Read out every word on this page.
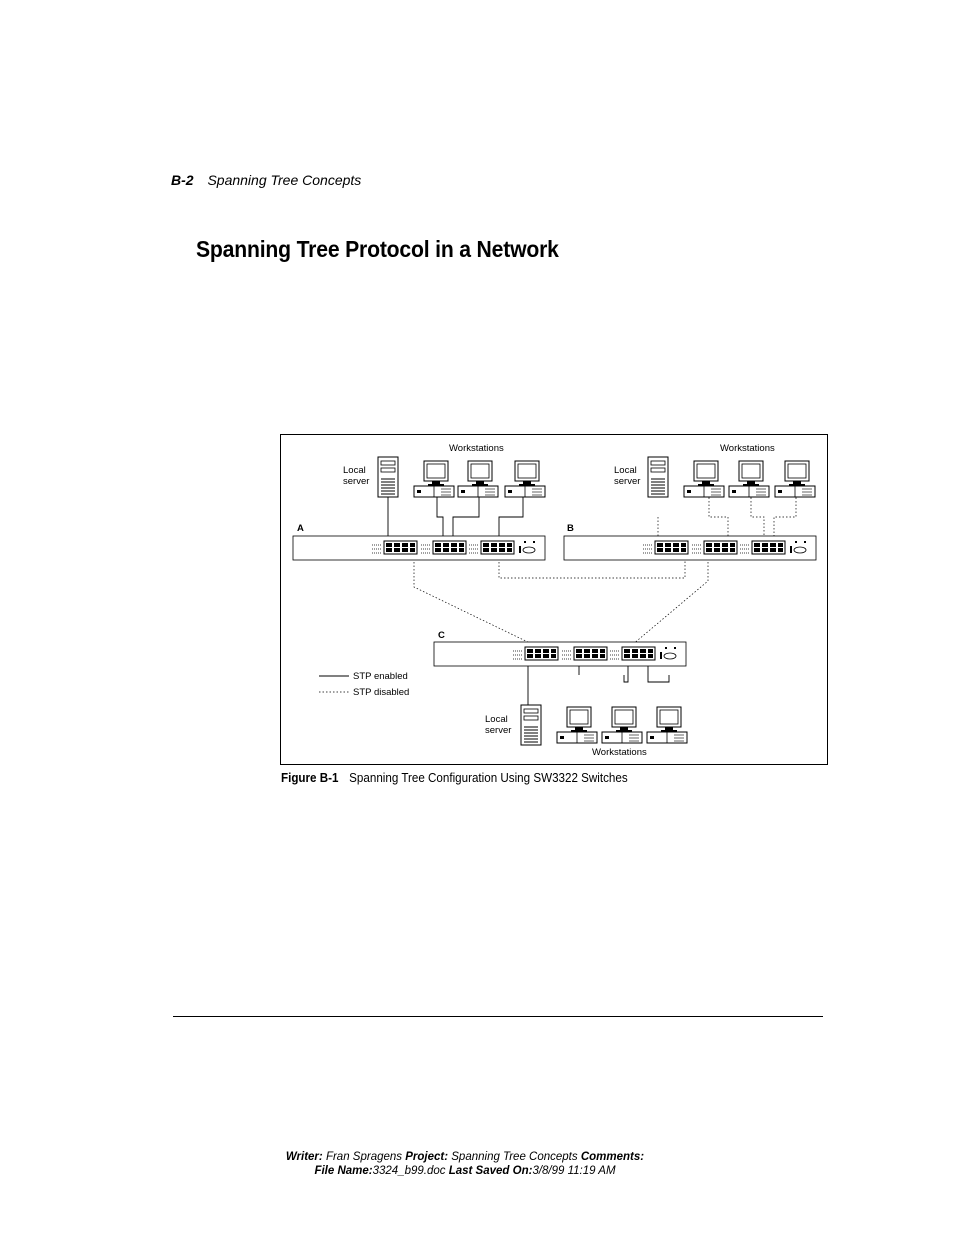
B-2 Spanning Tree Concepts
Spanning Tree Protocol in a Network
Workstations	Workstations
Workstations
Local
server
Local
server
Local
server
A	B
C
STP enabled
STP disabled
Figure B-1 Spanning Tree Configuration Using SW3322 Switches
Writer: Fran Spragens Project: Spanning Tree Concepts Comments:
File Name:3324_b99.doc Last Saved On:3/8/99 11:19 AM
